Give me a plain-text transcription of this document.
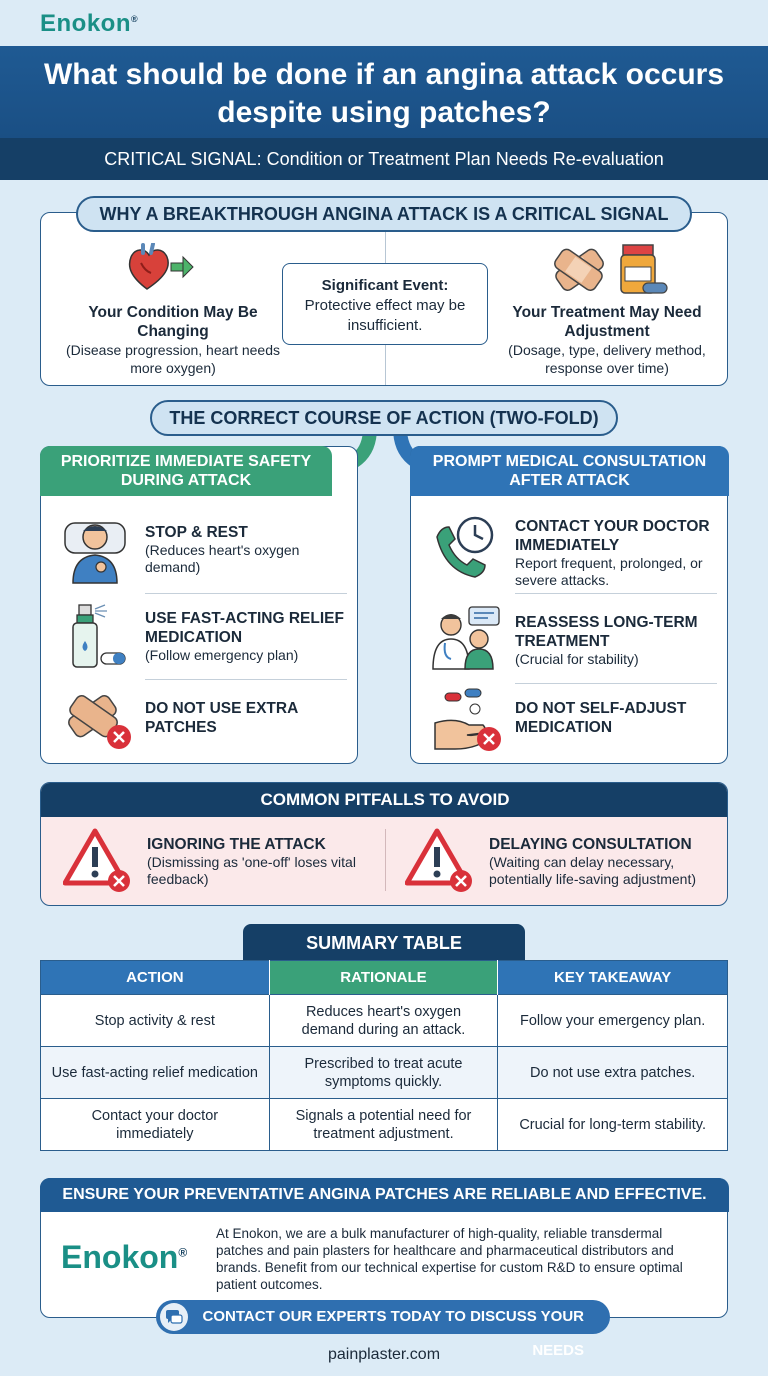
Enokon®
What should be done if an angina attack occurs despite using patches?
CRITICAL SIGNAL: Condition or Treatment Plan Needs Re-evaluation
Your Condition May Be Changing
(Disease progression, heart needs more oxygen)
Significant Event:
Protective effect may be insufficient.
Your Treatment May Need Adjustment
(Dosage, type, delivery method, response over time)
WHY A BREAKTHROUGH ANGINA ATTACK IS A CRITICAL SIGNAL
THE CORRECT COURSE OF ACTION (TWO-FOLD)
PRIORITIZE IMMEDIATE SAFETY DURING ATTACK
STOP & REST
(Reduces heart's oxygen demand)
USE FAST-ACTING RELIEF MEDICATION
(Follow emergency plan)
DO NOT USE EXTRA PATCHES
PROMPT MEDICAL CONSULTATION AFTER ATTACK
CONTACT YOUR DOCTOR IMMEDIATELY
Report frequent, prolonged, or severe attacks.
REASSESS LONG-TERM TREATMENT
(Crucial for stability)
DO NOT SELF-ADJUST MEDICATION
COMMON PITFALLS TO AVOID
IGNORING THE ATTACK
(Dismissing as 'one-off' loses vital feedback)
DELAYING CONSULTATION
(Waiting can delay necessary, potentially life-saving adjustment)
SUMMARY TABLE
ACTION	RATIONALE	KEY TAKEAWAY
Stop activity & rest	Reduces heart's oxygen demand during an attack.	Follow your emergency plan.
Use fast-acting relief medication	Prescribed to treat acute symptoms quickly.	Do not use extra patches.
Contact your doctor immediately	Signals a potential need for treatment adjustment.	Crucial for long-term stability.
ENSURE YOUR PREVENTATIVE ANGINA PATCHES ARE RELIABLE AND EFFECTIVE.
Enokon®
At Enokon, we are a bulk manufacturer of high-quality, reliable transdermal patches and pain plasters for healthcare and pharmaceutical distributors and brands. Benefit from our technical expertise for custom R&D to ensure optimal patient outcomes.
CONTACT OUR EXPERTS TODAY TO DISCUSS YOUR NEEDS
painplaster.com
